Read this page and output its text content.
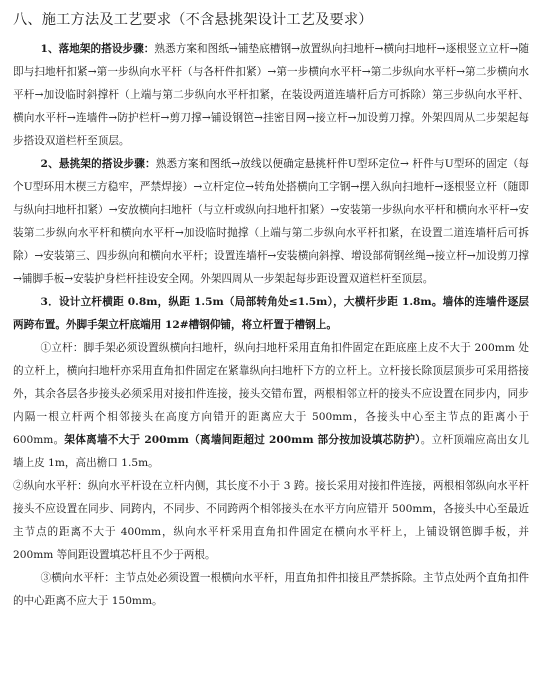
八、施工方法及工艺要求（不含悬挑架设计工艺及要求）

1、落地架的搭设步骤：熟悉方案和图纸→铺垫底槽钢→放置纵向扫地杆→横向扫地杆→逐根竖立立杆→随即与扫地杆扣紧→第一步纵向水平杆（与各杆件扣紧）→第一步横向水平杆→第二步纵向水平杆→第二步横向水平杆→加设临时斜撑杆（上端与第二步纵向水平杆扣紧，在装设两道连墙杆后方可拆除）第三步纵向水平杆、横向水平杆→连墙件→防护栏杆→剪刀撑→铺设钢笆→挂密目网→接立杆→加设剪刀撑。外架四周从二步架起每步搭设双道栏杆至顶层。

2、悬挑架的搭设步骤：熟悉方案和图纸→放线以便确定悬挑杆件U型环定位→ 杆件与U型环的固定（每个U型环用木楔三方稳牢，严禁焊接）→立杆定位→转角处搭横向工字钢→摆入纵向扫地杆→逐根竖立杆（随即与纵向扫地杆扣紧）→安放横向扫地杆（与立杆或纵向扫地杆扣紧）→安装第一步纵向水平杆和横向水平杆→安装第二步纵向水平杆和横向水平杆→加设临时抛撑（上端与第二步纵向水平杆扣紧，在设置二道连墙杆后可拆除）→安装第三、四步纵向和横向水平杆；设置连墙杆→安装横向斜撑、增设部荷钢丝绳→接立杆→加设剪刀撑→铺脚手板→安装护身栏杆挂设安全网。外架四周从一步架起每步距设置双道栏杆至顶层。

3．设计立杆横距 0.8m，纵距 1.5m（局部转角处≤1.5m），大横杆步距 1.8m。墙体的连墙件逐层两跨布置。外脚手架立杆底端用 12#槽钢仰铺，将立杆置于槽钢上。

①立杆：脚手架必须设置纵横向扫地杆，纵向扫地杆采用直角扣件固定在距底座上皮不大于 200mm 处的立杆上，横向扫地杆亦采用直角扣件固定在紧靠纵向扫地杆下方的立杆上。立杆接长除顶层顶步可采用搭接外，其余各层各步接头必须采用对接扣件连接，接头交错布置，两根相邻立杆的接头不应设置在同步内，同步内隔一根立杆两个相邻接头在高度方向错开的距离应大于 500mm，各接头中心至主节点的距离小于 600mm。架体离墙不大于 200mm（离墙间距超过 200mm 部分按加设填芯防护）。立杆顶端应高出女儿墙上皮 1m，高出檐口 1.5m。

②纵向水平杆：纵向水平杆设在立杆内侧，其长度不小于 3 跨。接长采用对接扣件连接，两根相邻纵向水平杆接头不应设置在同步、同跨内，不同步、不同跨两个相邻接头在水平方向应错开 500mm，各接头中心至最近主节点的距离不大于 400mm，纵向水平杆采用直角扣件固定在横向水平杆上，上铺设钢笆脚手板，并 200mm 等间距设置填芯杆且不少于两根。

③横向水平杆：主节点处必须设置一根横向水平杆，用直角扣件扣接且严禁拆除。主节点处两个直角扣件的中心距离不应大于 150mm。
